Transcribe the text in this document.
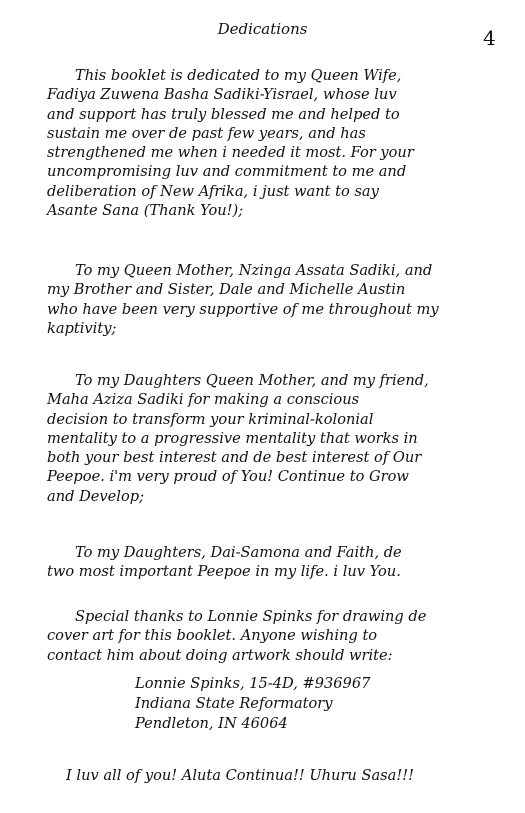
Dedications	4

This booklet is dedicated to my Queen Wife,
Fadiya Zuwena Basha Sadiki-Yisrael, whose luv
and support has truly blessed me and helped to
sustain me over de past few years, and has
strengthened me when i needed it most. For your
uncompromising luv and commitment to me and
deliberation of New Afrika, i just want to say
Asante Sana (Thank You!);

To my Queen Mother, Nzinga Assata Sadiki, and
my Brother and Sister, Dale and Michelle Austin
who have been very supportive of me throughout my
kaptivity;

To my Daughters Queen Mother, and my friend,
Maha Aziza Sadiki for making a conscious
decision to transform your kriminal-kolonial
mentality to a progressive mentality that works in
both your best interest and de best interest of Our
Peepoe. i'm very proud of You! Continue to Grow
and Develop;

To my Daughters, Dai-Samona and Faith, de
two most important Peepoe in my life. i luv You.

Special thanks to Lonnie Spinks for drawing de
cover art for this booklet. Anyone wishing to
contact him about doing artwork should write:

Lonnie Spinks, 15-4D, #936967
Indiana State Reformatory
Pendleton, IN 46064
I luv all of you! Aluta Continua!! Uhuru Sasa!!!
